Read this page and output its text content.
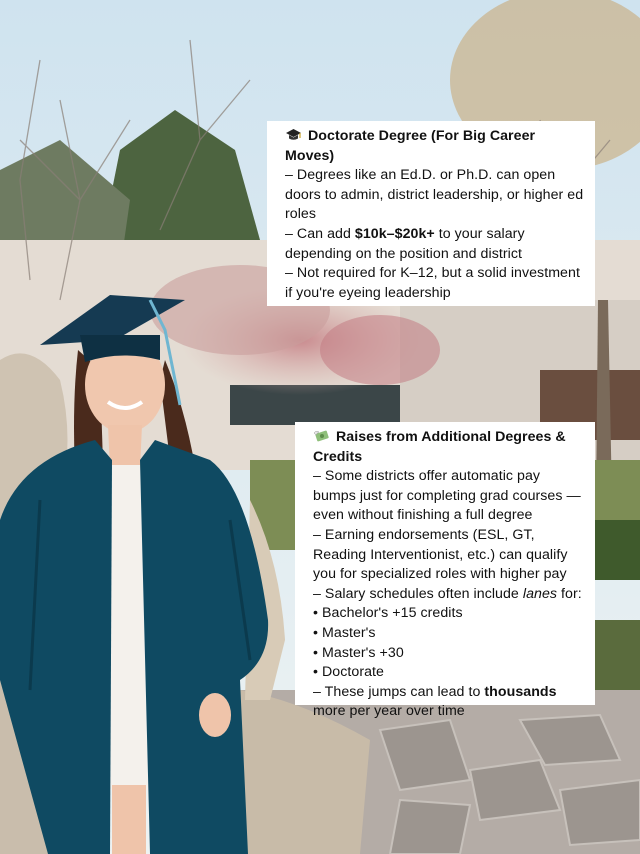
Doctorate Degree (For Big Career Moves)
– Degrees like an Ed.D. or Ph.D. can open doors to admin, district leadership, or higher ed roles
– Can add $10k–$20k+ to your salary depending on the position and district
– Not required for K–12, but a solid investment if you're eyeing leadership
Raises from Additional Degrees & Credits
– Some districts offer automatic pay bumps just for completing grad courses — even without finishing a full degree
– Earning endorsements (ESL, GT, Reading Interventionist, etc.) can qualify you for specialized roles with higher pay
– Salary schedules often include lanes for:
• Bachelor's +15 credits
• Master's
• Master's +30
• Doctorate
– These jumps can lead to thousands more per year over time
